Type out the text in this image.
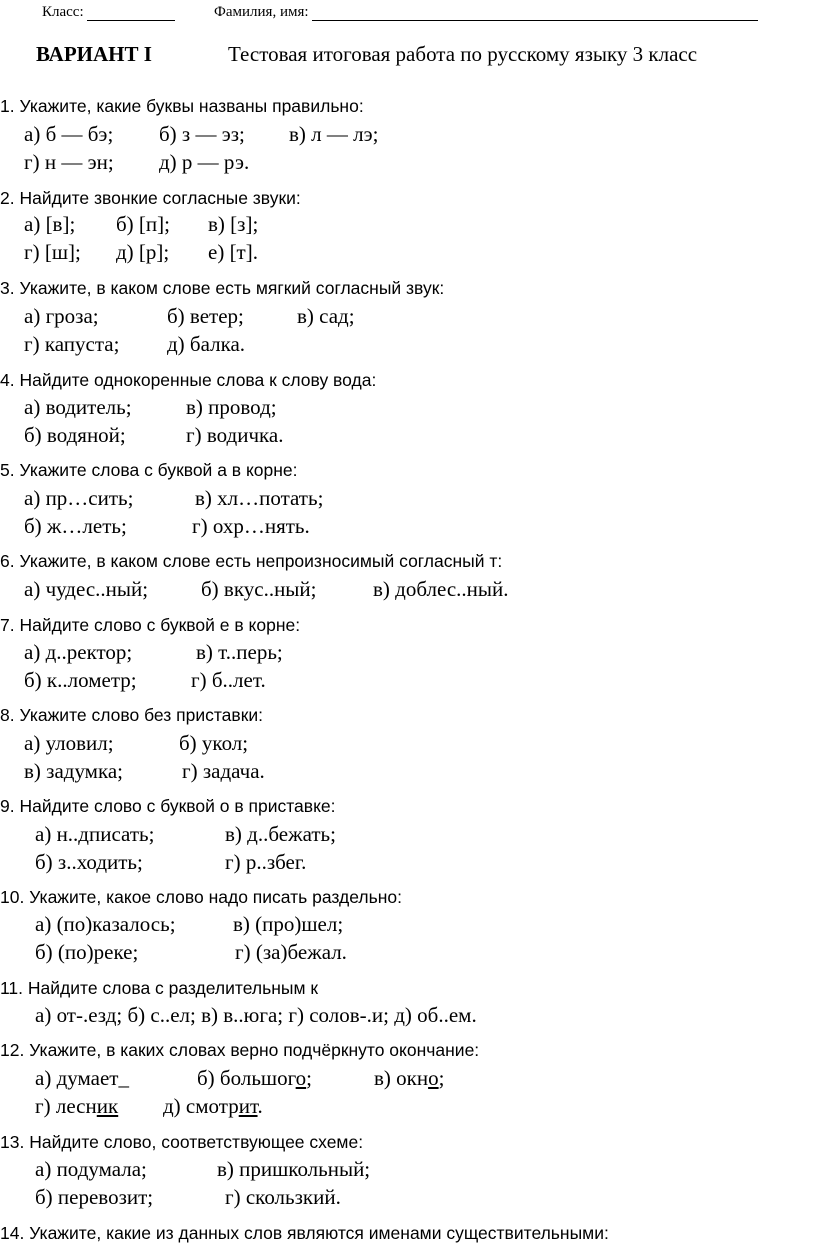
Класс:	Фамилия, имя:
ВАРИАНТ I	Тестовая итоговая работа по русскому языку 3 класс
1. Укажите, какие буквы названы правильно:
а) б — бэ; б) з — эз; в) л — лэ;
г) н — эн; д) р — рэ.
2. Найдите звонкие согласные звуки:
а) [в]; б) [п]; в) [з];
г) [ш]; д) [р]; е) [т].
3. Укажите, в каком слове есть мягкий согласный звук:
а) гроза;	б) ветер;	в) сад;
г) капуста; д) балка.
4. Найдите однокоренные слова к слову вода:
а) водитель;	в) провод;
б) водяной;	г) водичка.
5. Укажите слова с буквой а в корне:
а) пр…сить;	в) хл…потать;
б) ж…леть;	г) охр…нять.
6. Укажите, в каком слове есть непроизносимый согласный т:
а) чудес..ный;	б) вкус..ный;	в) доблес..ный.
7. Найдите слово с буквой е в корне:
а) д..ректор;	в) т..перь;
б) к..лометр;	г) б..лет.
8. Укажите слово без приставки:
а) уловил;	б) укол;
в) задумка;	г) задача.
9. Найдите слово с буквой о в приставке:
а) н..дписать;	в) д..бежать;
б) з..ходить;	г) р..збег.
10. Укажите, какое слово надо писать раздельно:
а) (по)казалось;	в) (про)шел;
б) (по)реке;	г) (за)бежал.
11. Найдите слова с разделительным к
а) от-.езд; б) с..ел; в) в..юга; г) солов-.и; д) об..ем.
12. Укажите, в каких словах верно подчёркнуто окончание:
а) думает_	б) большого;	в) окно;
г) лесник д) смотрит.
13. Найдите слово, соответствующее схеме:
а) подумала;	в) пришкольный;
б) перевозит;	г) скользкий.
14. Укажите, какие из данных слов являются именами существительными:
